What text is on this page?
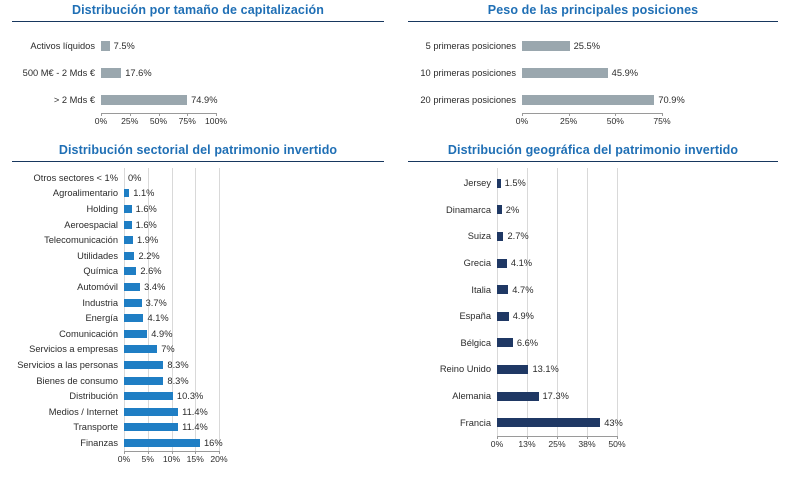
Distribución por tamaño de capitalización
Activos líquidos	7.5%
500 M€ - 2 Mds €	17.6%
> 2 Mds €	74.9%
0% 25% 50% 75% 100%
Peso de las principales posiciones
5 primeras posiciones	25.5%
10 primeras posiciones	45.9%
20 primeras posiciones	70.9%
0%	25%	50%	75%
Distribución sectorial del patrimonio invertido
Otros sectores < 1%	0%
Agroalimentario	1.1%
Holding	1.6%
Aeroespacial	1.6%
Telecomunicación	1.9%
Utilidades	2.2%
Química	2.6%
Automóvil	3.4%
Industria	3.7%
Energía	4.1%
Comunicación	4.9%
Servicios a empresas	7%
Servicios a las personas	8.3%
Bienes de consumo	8.3%
Distribución	10.3%
Medios / Internet	11.4%
Transporte	11.4%
Finanzas	16%
0% 5% 10% 15% 20%
Distribución geográfica del patrimonio invertido
Jersey	1.5%
Dinamarca	2%
Suiza	2.7%
Grecia	4.1%
Italia	4.7%
España	4.9%
Bélgica	6.6%
Reino Unido	13.1%
Alemania	17.3%
Francia	43%
0% 13% 25% 38% 50%
